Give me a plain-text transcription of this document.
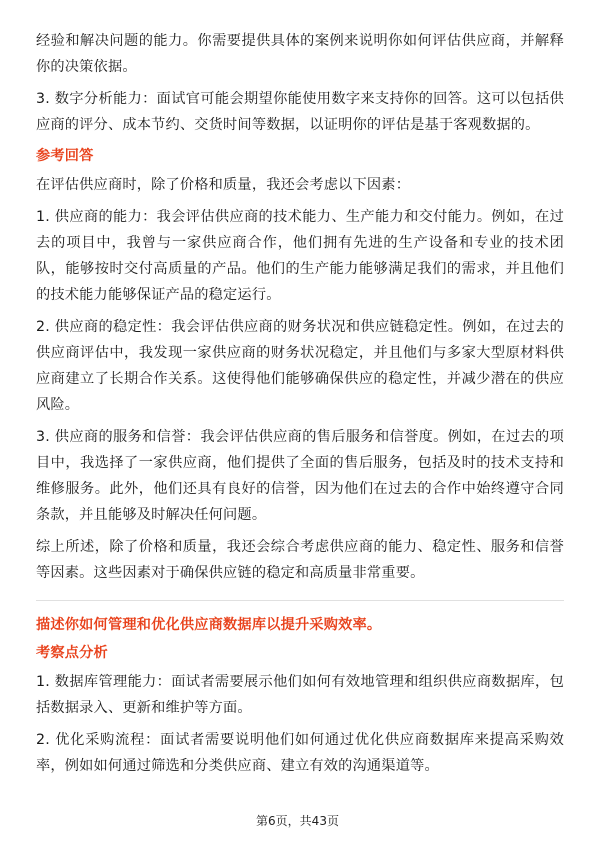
经验和解决问题的能力。你需要提供具体的案例来说明你如何评估供应商，并解释你的决策依据。

3. 数字分析能力：面试官可能会期望你能使用数字来支持你的回答。这可以包括供应商的评分、成本节约、交货时间等数据，以证明你的评估是基于客观数据的。

参考回答

在评估供应商时，除了价格和质量，我还会考虑以下因素：

1. 供应商的能力：我会评估供应商的技术能力、生产能力和交付能力。例如，在过去的项目中，我曾与一家供应商合作，他们拥有先进的生产设备和专业的技术团队，能够按时交付高质量的产品。他们的生产能力能够满足我们的需求，并且他们的技术能力能够保证产品的稳定运行。

2. 供应商的稳定性：我会评估供应商的财务状况和供应链稳定性。例如，在过去的供应商评估中，我发现一家供应商的财务状况稳定，并且他们与多家大型原材料供应商建立了长期合作关系。这使得他们能够确保供应的稳定性，并减少潜在的供应风险。

3. 供应商的服务和信誉：我会评估供应商的售后服务和信誉度。例如，在过去的项目中，我选择了一家供应商，他们提供了全面的售后服务，包括及时的技术支持和维修服务。此外，他们还具有良好的信誉，因为他们在过去的合作中始终遵守合同条款，并且能够及时解决任何问题。

综上所述，除了价格和质量，我还会综合考虑供应商的能力、稳定性、服务和信誉等因素。这些因素对于确保供应链的稳定和高质量非常重要。

描述你如何管理和优化供应商数据库以提升采购效率。
考察点分析

1. 数据库管理能力：面试者需要展示他们如何有效地管理和组织供应商数据库，包括数据录入、更新和维护等方面。

2. 优化采购流程：面试者需要说明他们如何通过优化供应商数据库来提高采购效率，例如如何通过筛选和分类供应商、建立有效的沟通渠道等。

第6页，共43页
